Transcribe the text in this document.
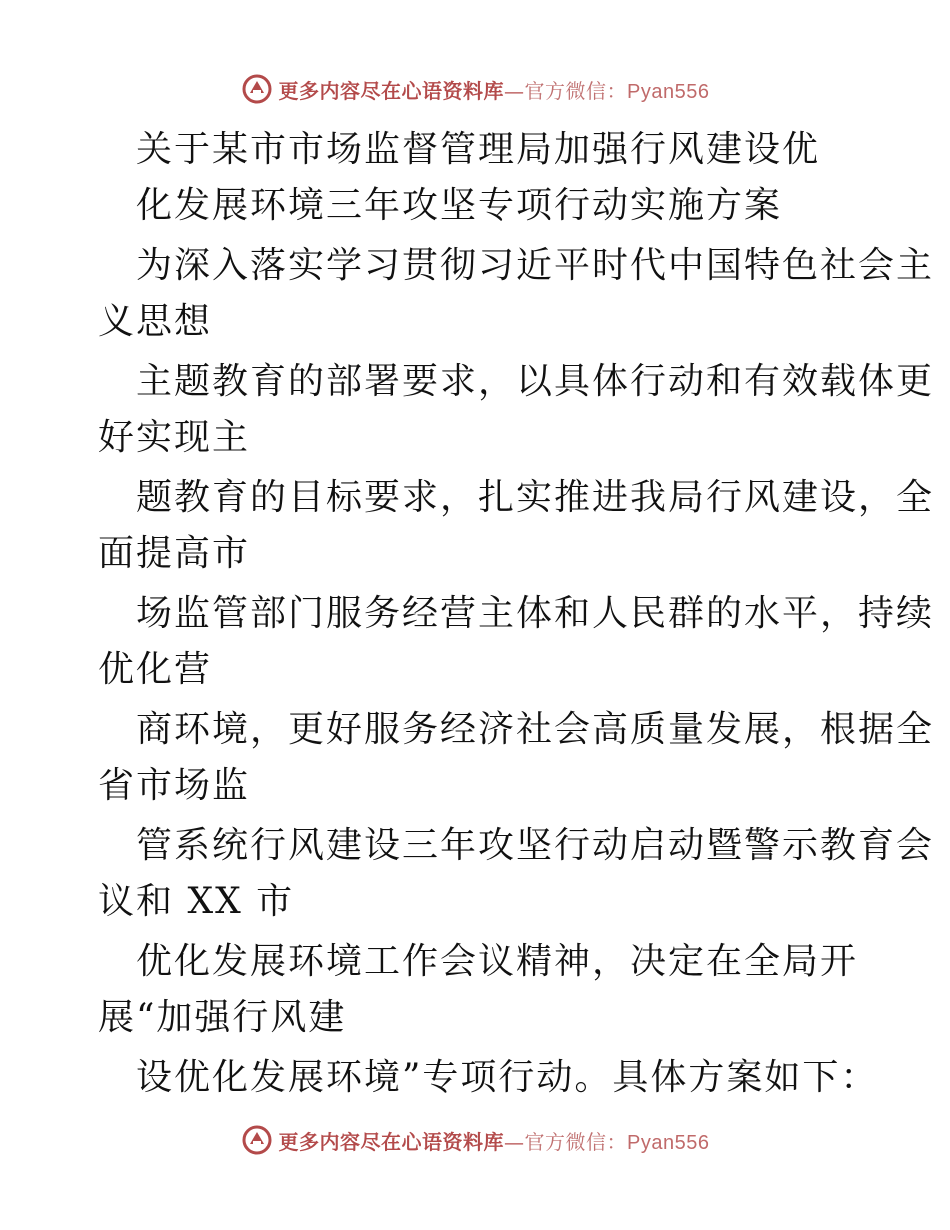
更多内容尽在心语资料库—官方微信：Pyan556
关于某市市场监督管理局加强行风建设优
化发展环境三年攻坚专项行动实施方案
为深入落实学习贯彻习近平时代中国特色社会主
义思想
主题教育的部署要求，以具体行动和有效载体更
好实现主
题教育的目标要求，扎实推进我局行风建设，全
面提高市
场监管部门服务经营主体和人民群的水平，持续
优化营
商环境，更好服务经济社会高质量发展，根据全
省市场监
管系统行风建设三年攻坚行动启动暨警示教育会
议和 XX 市
优化发展环境工作会议精神，决定在全局开
展“加强行风建
设优化发展环境”专项行动。具体方案如下：
更多内容尽在心语资料库—官方微信：Pyan556
